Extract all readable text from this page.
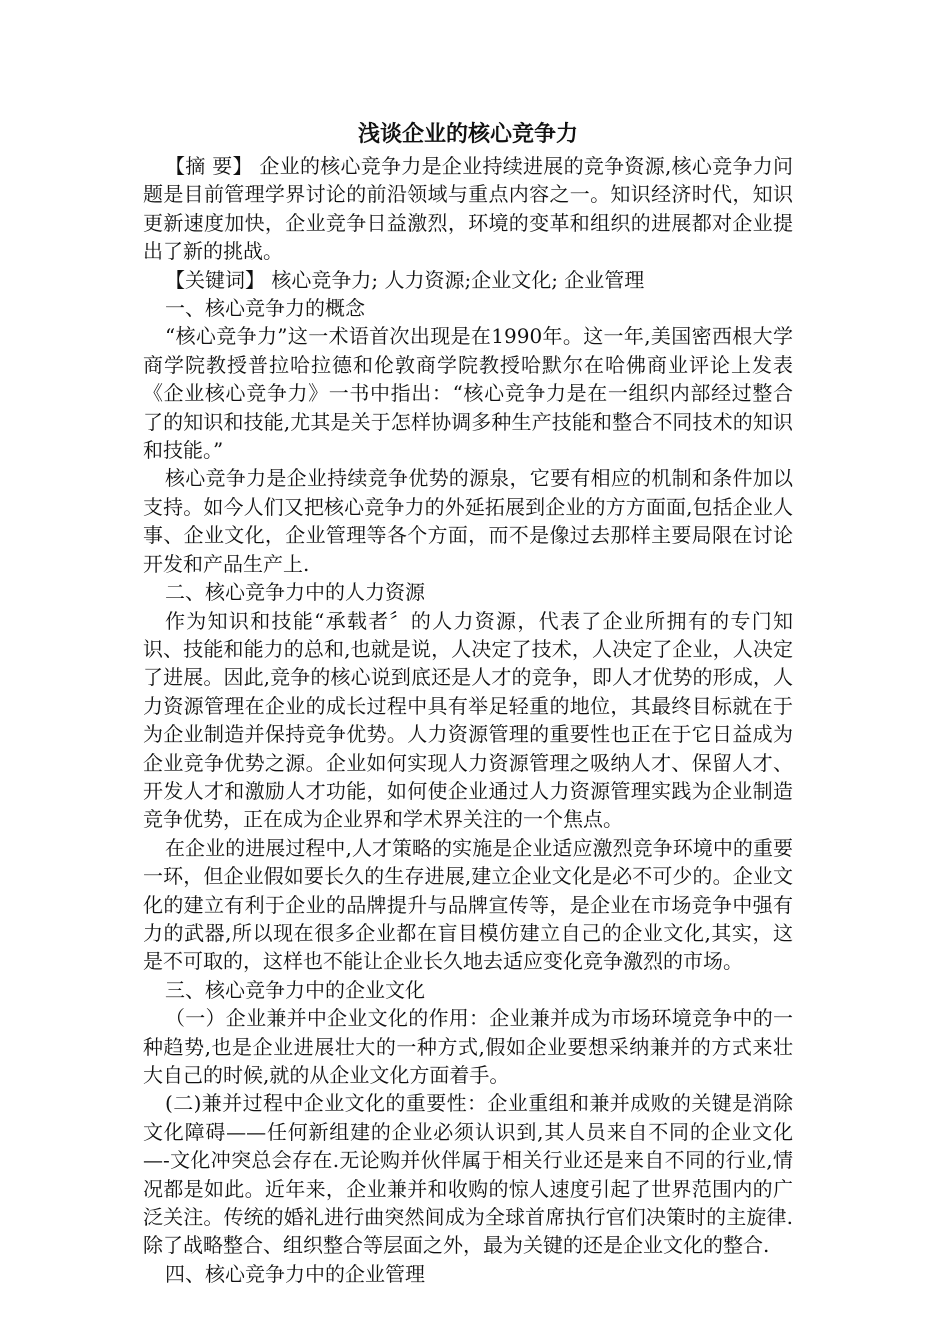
浅谈企业的核心竞争力

【摘 要】 企业的核心竞争力是企业持续进展的竞争资源,核心竞争力问题是目前管理学界讨论的前沿领域与重点内容之一。知识经济时代，知识更新速度加快，企业竞争日益激烈，环境的变革和组织的进展都对企业提出了新的挑战。

【关键词】 核心竞争力; 人力资源;企业文化; 企业管理

一、核心竞争力的概念

“核心竞争力”这一术语首次出现是在1990年。这一年,美国密西根大学商学院教授普拉哈拉德和伦敦商学院教授哈默尔在哈佛商业评论上发表 《企业核心竞争力》一书中指出：“核心竞争力是在一组织内部经过整合了的知识和技能,尤其是关于怎样协调多种生产技能和整合不同技术的知识和技能。”

核心竞争力是企业持续竞争优势的源泉，它要有相应的机制和条件加以支持。如今人们又把核心竞争力的外延拓展到企业的方方面面,包括企业人事、企业文化，企业管理等各个方面，而不是像过去那样主要局限在讨论开发和产品生产上.

二、核心竞争力中的人力资源

作为知识和技能“承载者〞的人力资源，代表了企业所拥有的专门知识、技能和能力的总和,也就是说，人决定了技术，人决定了企业，人决定了进展。因此,竞争的核心说到底还是人才的竞争，即人才优势的形成，人力资源管理在企业的成长过程中具有举足轻重的地位，其最终目标就在于为企业制造并保持竞争优势。人力资源管理的重要性也正在于它日益成为企业竞争优势之源。企业如何实现人力资源管理之吸纳人才、保留人才、开发人才和激励人才功能，如何使企业通过人力资源管理实践为企业制造竞争优势，正在成为企业界和学术界关注的一个焦点。

在企业的进展过程中,人才策略的实施是企业适应激烈竞争环境中的重要一环，但企业假如要长久的生存进展,建立企业文化是必不可少的。企业文化的建立有利于企业的品牌提升与品牌宣传等，是企业在市场竞争中强有力的武器,所以现在很多企业都在盲目模仿建立自己的企业文化,其实，这是不可取的，这样也不能让企业长久地去适应变化竞争激烈的市场。

三、核心竞争力中的企业文化

（一）企业兼并中企业文化的作用：企业兼并成为市场环境竞争中的一种趋势,也是企业进展壮大的一种方式,假如企业要想采纳兼并的方式来壮大自己的时候,就的从企业文化方面着手。

(二)兼并过程中企业文化的重要性：企业重组和兼并成败的关键是消除文化障碍——任何新组建的企业必须认识到,其人员来自不同的企业文化—-文化冲突总会存在.无论购并伙伴属于相关行业还是来自不同的行业,情况都是如此。近年来，企业兼并和收购的惊人速度引起了世界范围内的广泛关注。传统的婚礼进行曲突然间成为全球首席执行官们决策时的主旋律.除了战略整合、组织整合等层面之外，最为关键的还是企业文化的整合.

四、核心竞争力中的企业管理
